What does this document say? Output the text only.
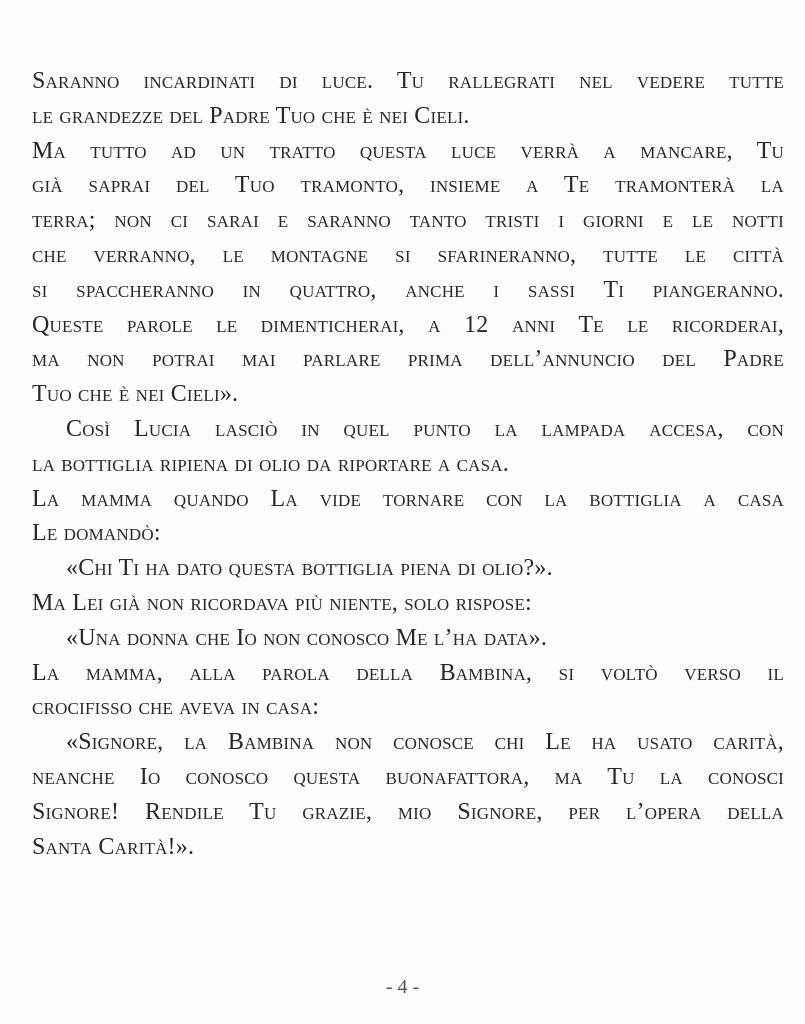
Saranno incardinati di luce. Tu rallegrati nel vedere tutte
le grandezze del Padre Tuo che è nei Cieli.
Ma tutto ad un tratto questa luce verrà a mancare, Tu
già saprai del Tuo tramonto, insieme a Te tramonterà la
terra; non ci sarai e saranno tanto tristi i giorni e le notti
che verranno, le montagne si sfarineranno, tutte le città
si spaccheranno in quattro, anche i sassi Ti piangeranno.
Queste parole le dimenticherai, a 12 anni Te le ricorderai,
ma non potrai mai parlare prima dell’annuncio del Padre
Tuo che è nei Cieli».
Così Lucia lasciò in quel punto la lampada accesa, con
la bottiglia ripiena di olio da riportare a casa.
La mamma quando La vide tornare con la bottiglia a casa
Le domandò:
«Chi Ti ha dato questa bottiglia piena di olio?».
Ma Lei già non ricordava più niente, solo rispose:
«Una donna che Io non conosco Me l’ha data».
La mamma, alla parola della Bambina, si voltò verso il
crocifisso che aveva in casa:
«Signore, la Bambina non conosce chi Le ha usato carità,
neanche Io conosco questa buonafattora, ma Tu la conosci
Signore! Rendile Tu grazie, mio Signore, per l’opera della
Santa Carità!».
- 4 -
